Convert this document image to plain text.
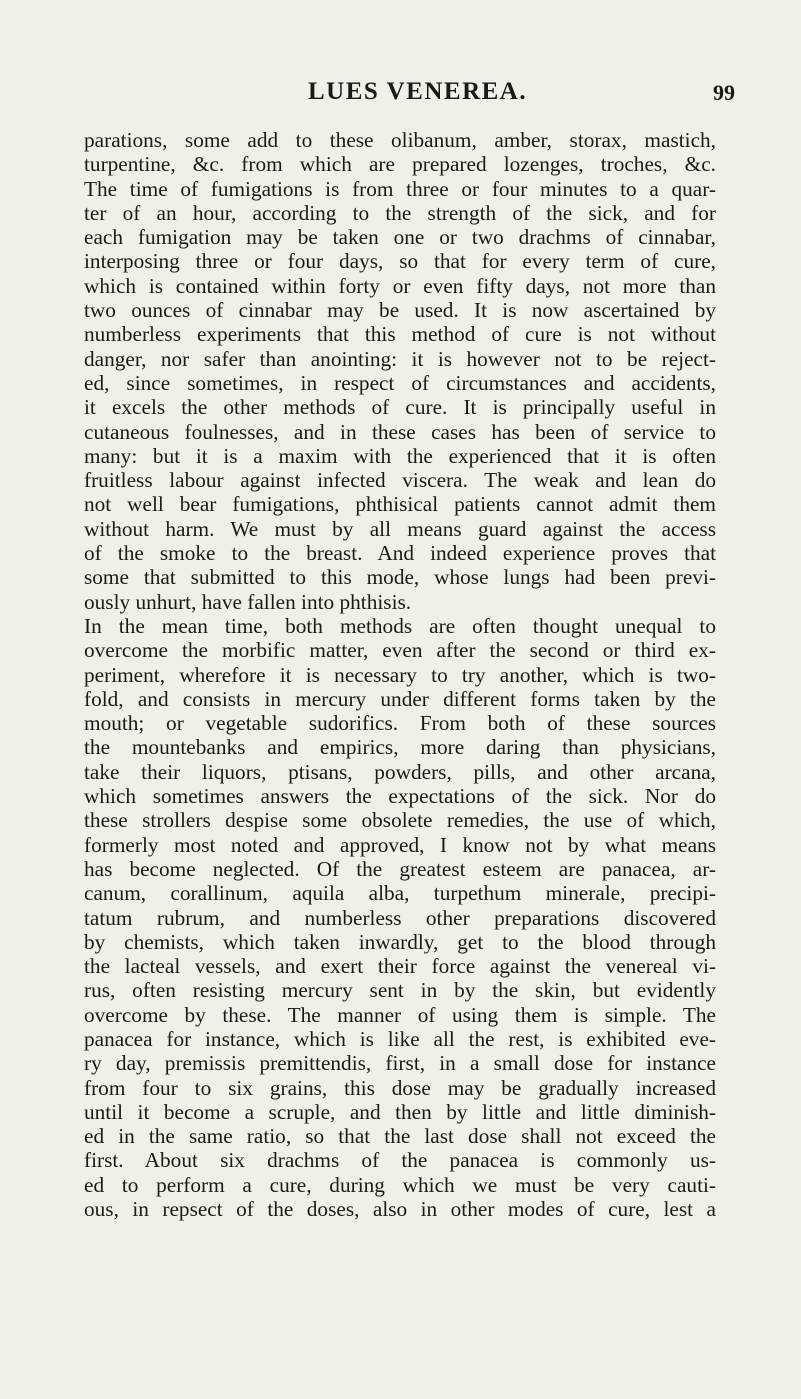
LUES VENEREA.	99
parations, some add to these olibanum, amber, storax, mastich,
turpentine, &c. from which are prepared lozenges, troches, &c.
The time of fumigations is from three or four minutes to a quar-
ter of an hour, according to the strength of the sick, and for
each fumigation may be taken one or two drachms of cinnabar,
interposing three or four days, so that for every term of cure,
which is contained within forty or even fifty days, not more than
two ounces of cinnabar may be used. It is now ascertained by
numberless experiments that this method of cure is not without
danger, nor safer than anointing: it is however not to be reject-
ed, since sometimes, in respect of circumstances and accidents,
it excels the other methods of cure. It is principally useful in
cutaneous foulnesses, and in these cases has been of service to
many: but it is a maxim with the experienced that it is often
fruitless labour against infected viscera. The weak and lean do
not well bear fumigations, phthisical patients cannot admit them
without harm. We must by all means guard against the access
of the smoke to the breast. And indeed experience proves that
some that submitted to this mode, whose lungs had been previ-
ously unhurt, have fallen into phthisis.
In the mean time, both methods are often thought unequal to
overcome the morbific matter, even after the second or third ex-
periment, wherefore it is necessary to try another, which is two-
fold, and consists in mercury under different forms taken by the
mouth; or vegetable sudorifics. From both of these sources
the mountebanks and empirics, more daring than physicians,
take their liquors, ptisans, powders, pills, and other arcana,
which sometimes answers the expectations of the sick. Nor do
these strollers despise some obsolete remedies, the use of which,
formerly most noted and approved, I know not by what means
has become neglected. Of the greatest esteem are panacea, ar-
canum, corallinum, aquila alba, turpethum minerale, precipi-
tatum rubrum, and numberless other preparations discovered
by chemists, which taken inwardly, get to the blood through
the lacteal vessels, and exert their force against the venereal vi-
rus, often resisting mercury sent in by the skin, but evidently
overcome by these. The manner of using them is simple. The
panacea for instance, which is like all the rest, is exhibited eve-
ry day, premissis premittendis, first, in a small dose for instance
from four to six grains, this dose may be gradually increased
until it become a scruple, and then by little and little diminish-
ed in the same ratio, so that the last dose shall not exceed the
first. About six drachms of the panacea is commonly us-
ed to perform a cure, during which we must be very cauti-
ous, in repsect of the doses, also in other modes of cure, lest a
